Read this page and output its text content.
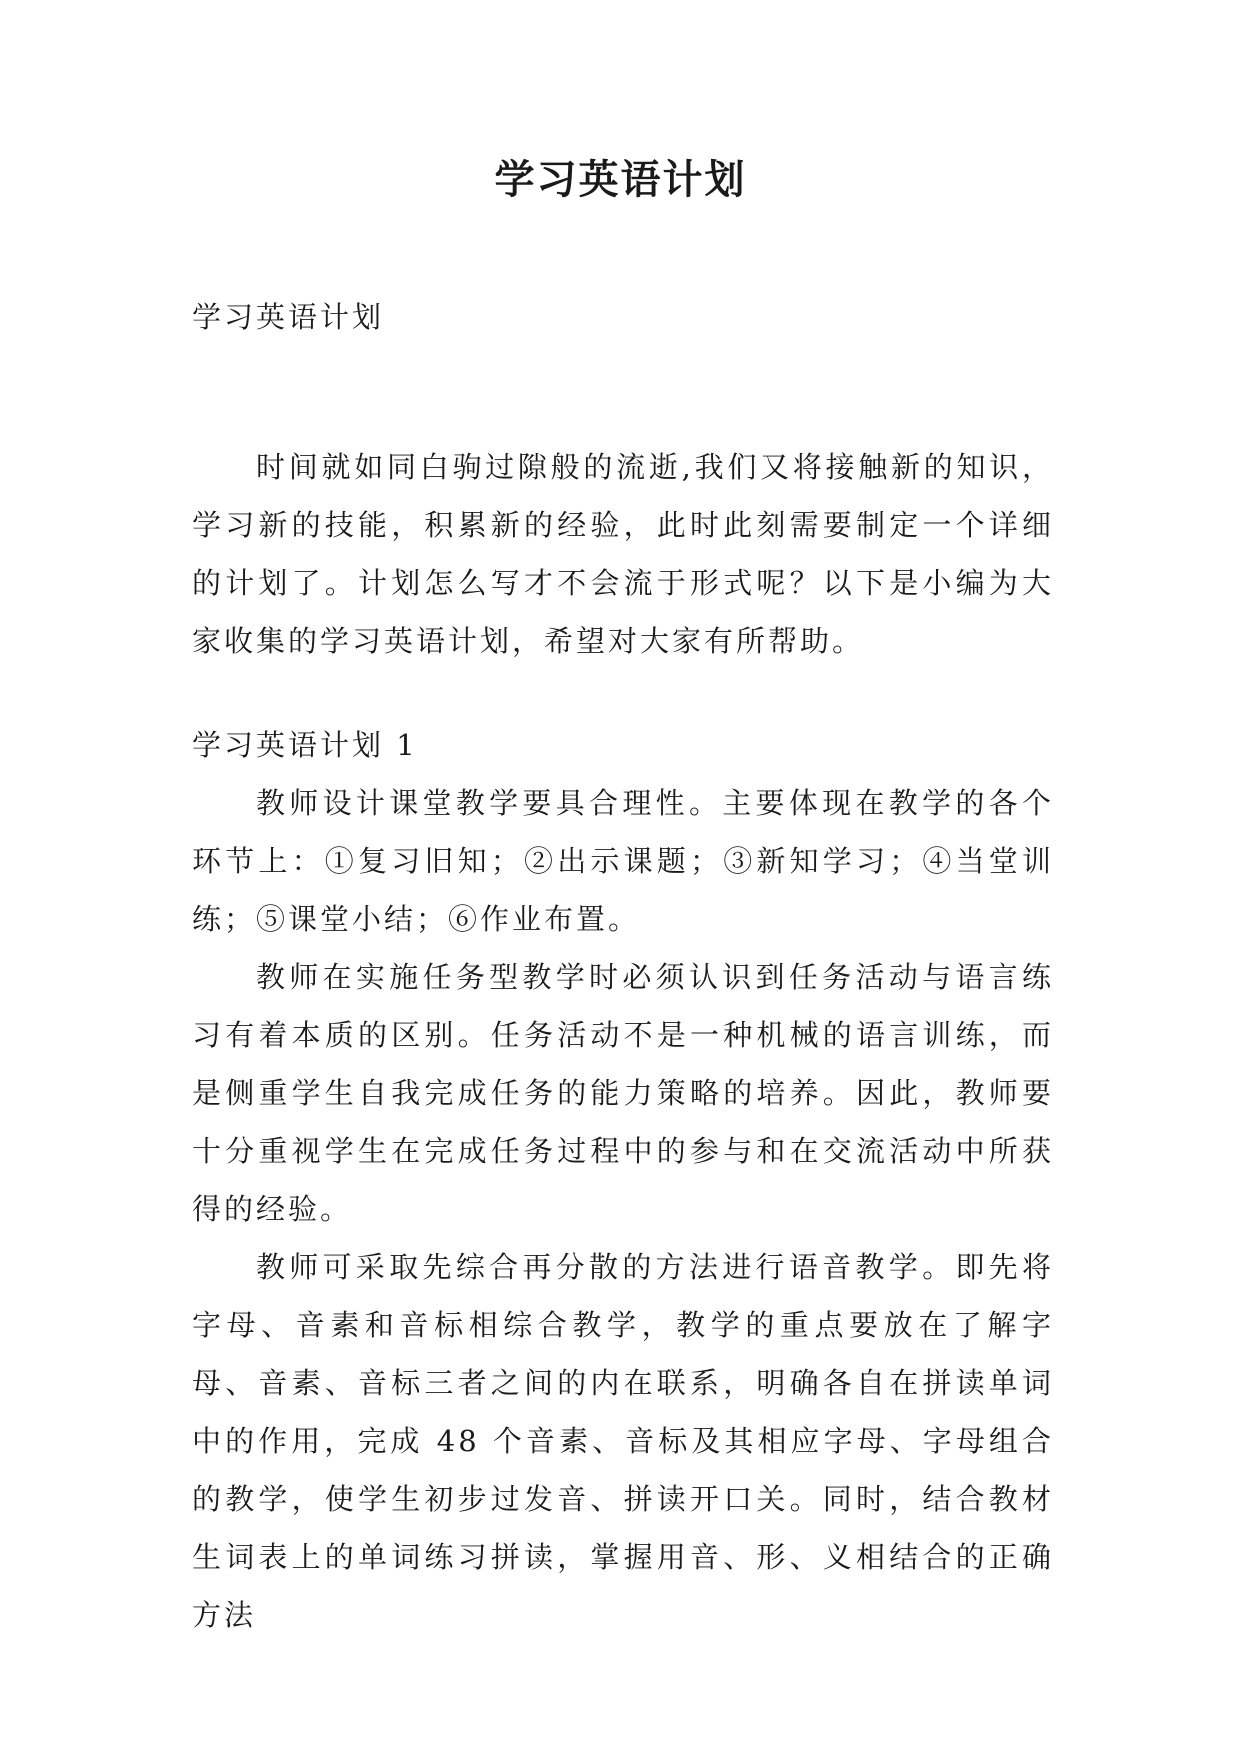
学习英语计划

学习英语计划

时间就如同白驹过隙般的流逝,我们又将接触新的知识，学习新的技能，积累新的经验，此时此刻需要制定一个详细的计划了。计划怎么写才不会流于形式呢？以下是小编为大家收集的学习英语计划，希望对大家有所帮助。

学习英语计划 1

教师设计课堂教学要具合理性。主要体现在教学的各个环节上：①复习旧知；②出示课题；③新知学习；④当堂训练；⑤课堂小结；⑥作业布置。

教师在实施任务型教学时必须认识到任务活动与语言练习有着本质的区别。任务活动不是一种机械的语言训练，而是侧重学生自我完成任务的能力策略的培养。因此，教师要十分重视学生在完成任务过程中的参与和在交流活动中所获得的经验。

教师可采取先综合再分散的方法进行语音教学。即先将字母、音素和音标相综合教学，教学的重点要放在了解字母、音素、音标三者之间的内在联系，明确各自在拼读单词中的作用，完成 48 个音素、音标及其相应字母、字母组合的教学，使学生初步过发音、拼读开口关。同时，结合教材生词表上的单词练习拼读，掌握用音、形、义相结合的正确方法
